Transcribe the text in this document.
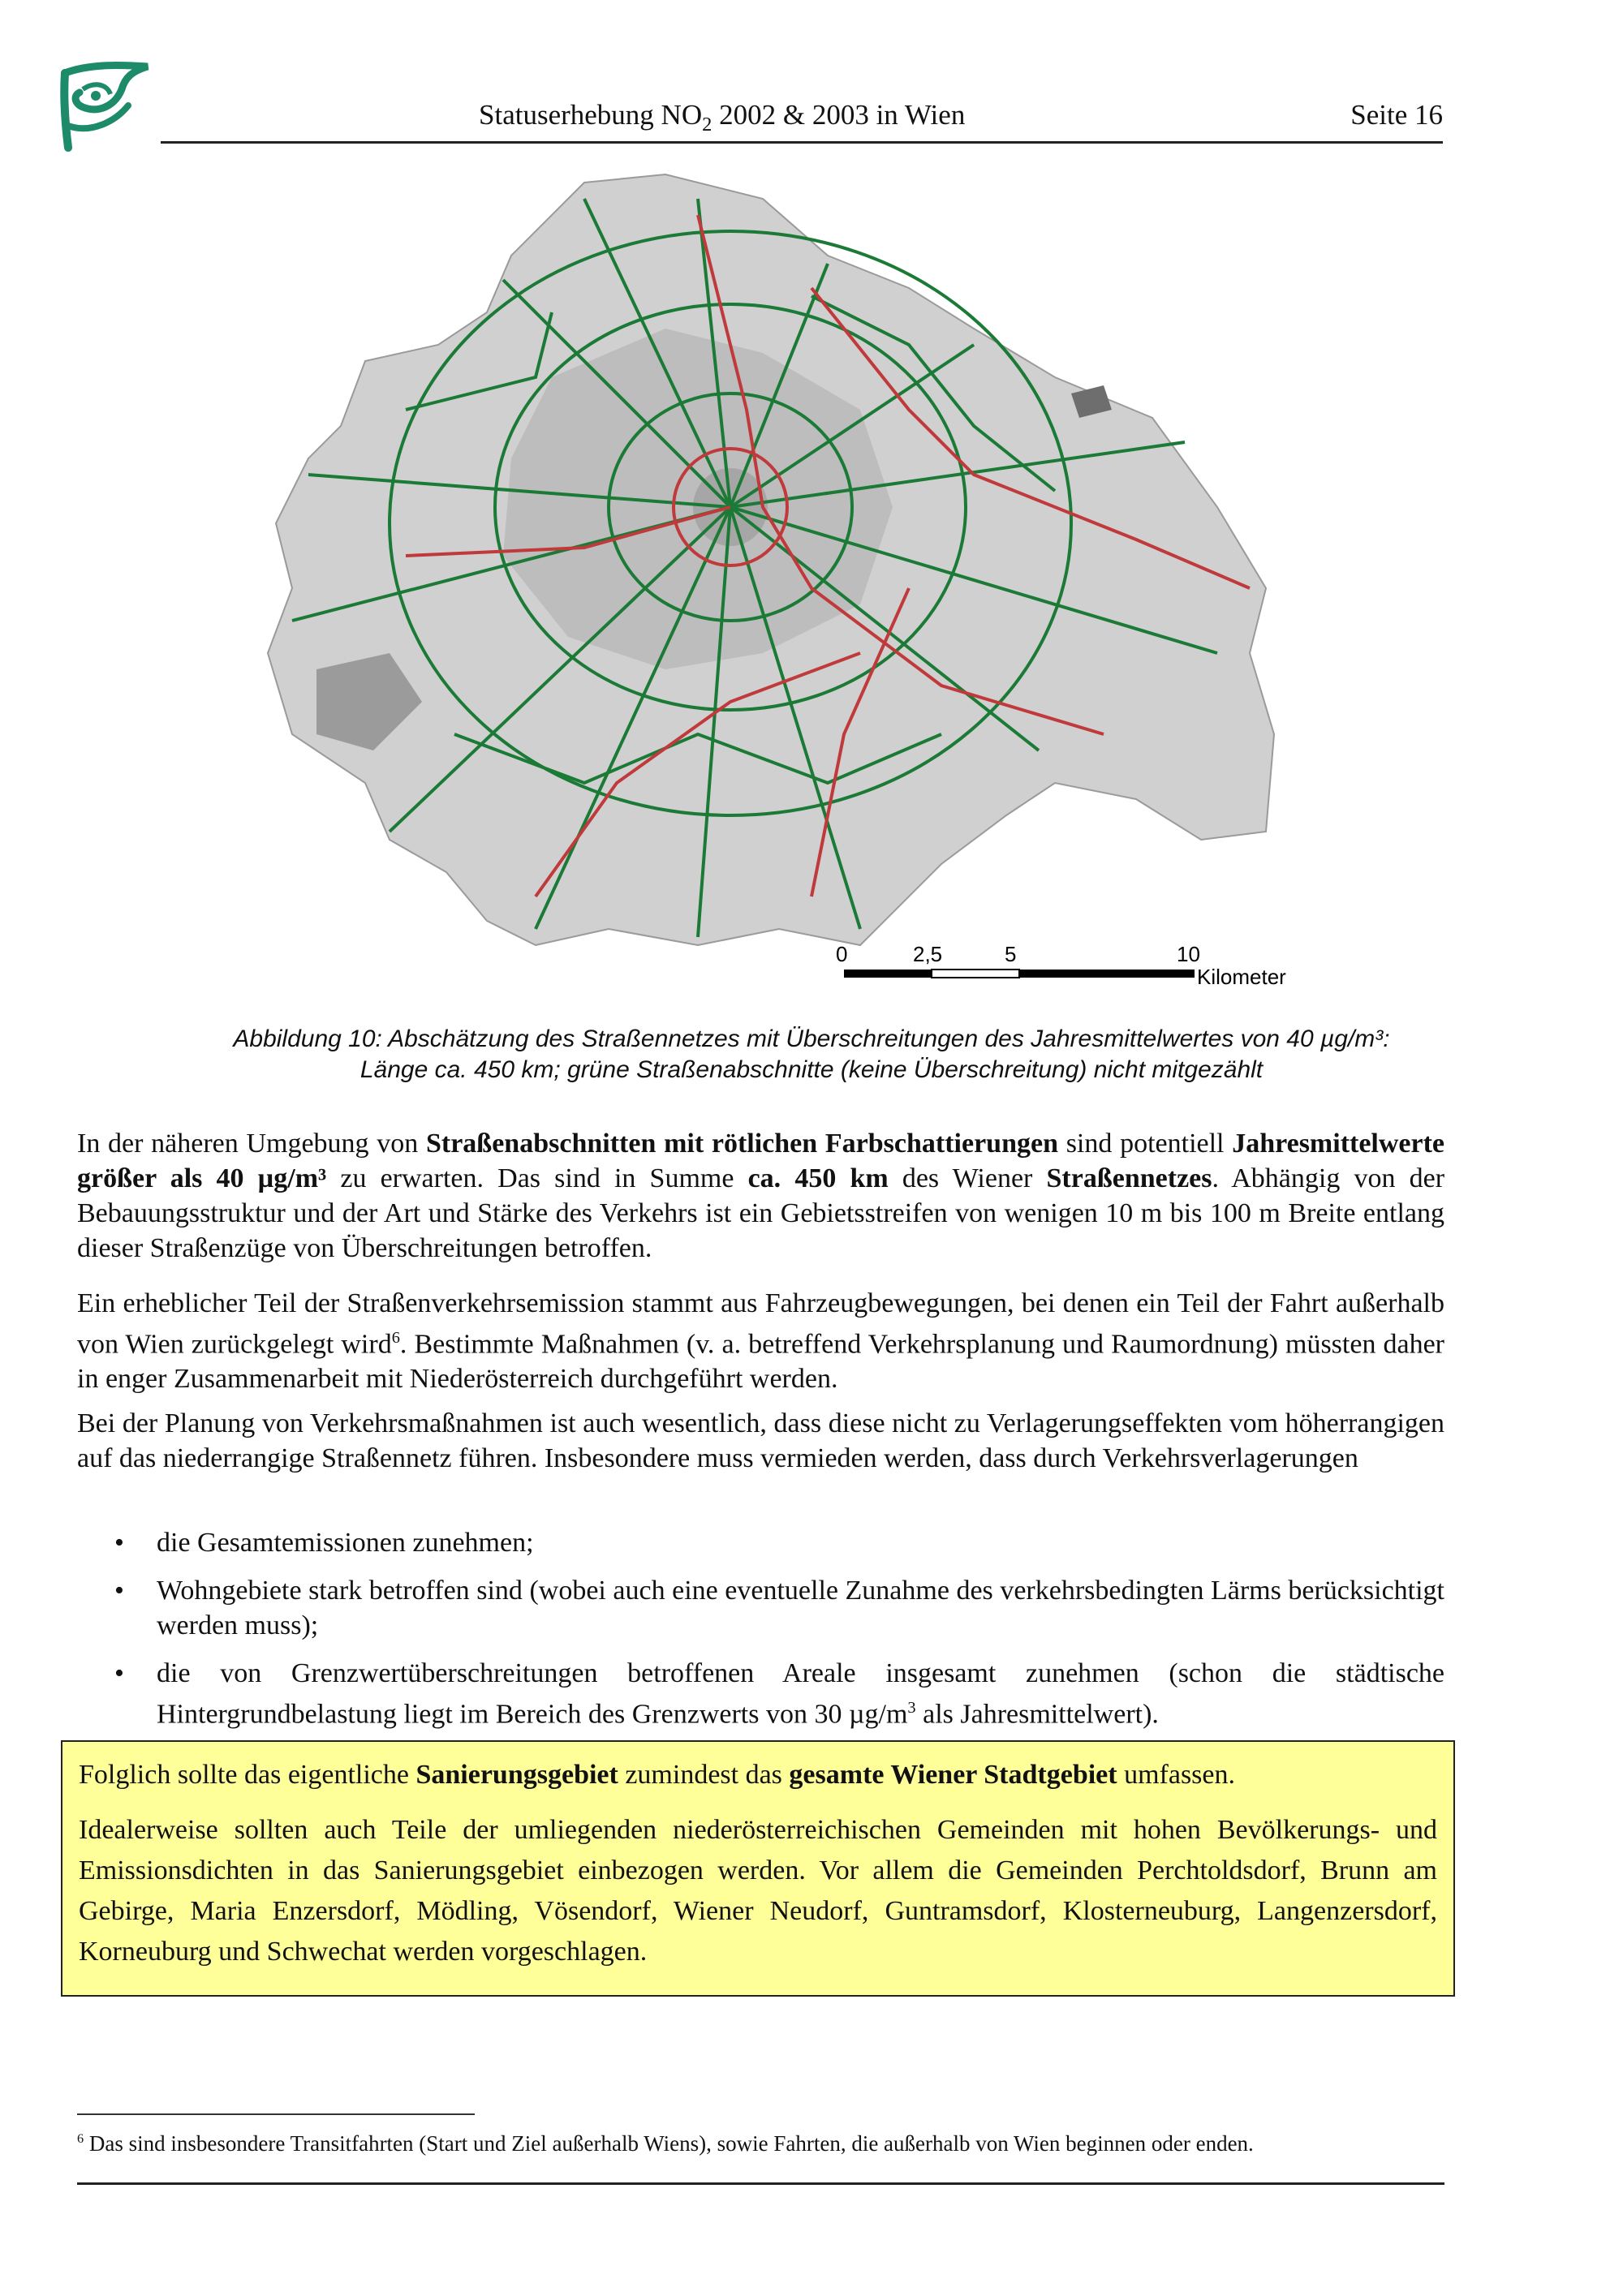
Statuserhebung $NO_2$ 2002 & 2003 in Wien	Seite 16
0	2,5	5	10
Kilometer
Abbildung 10: Abschätzung des Straßennetzes mit Überschreitungen des Jahresmittelwertes von 40 µg/m³:
Länge ca. 450 km; grüne Straßenabschnitte (keine Überschreitung) nicht mitgezählt
In der näheren Umgebung von Straßenabschnitten mit rötlichen Farbschattierungen sind potentiell Jahresmittelwerte größer als 40 µg/m³ zu erwarten. Das sind in Summe ca. 450 km des Wiener Straßennetzes. Abhängig von der Bebauungsstruktur und der Art und Stärke des Verkehrs ist ein Gebietsstreifen von wenigen 10 m bis 100 m Breite entlang dieser Straßenzüge von Überschreitungen betroffen.
Ein erheblicher Teil der Straßenverkehrsemission stammt aus Fahrzeugbewegungen, bei denen ein Teil der Fahrt außerhalb von Wien zurückgelegt wird$^6$. Bestimmte Maßnahmen (v. a. betreffend Verkehrsplanung und Raumordnung) müssten daher in enger Zusammenarbeit mit Niederösterreich durchgeführt werden.
Bei der Planung von Verkehrsmaßnahmen ist auch wesentlich, dass diese nicht zu Verlagerungseffekten vom höherrangigen auf das niederrangige Straßennetz führen. Insbesondere muss vermieden werden, dass durch Verkehrsverlagerungen
• die Gesamtemissionen zunehmen;
• Wohngebiete stark betroffen sind (wobei auch eine eventuelle Zunahme des verkehrsbedingten Lärms berücksichtigt werden muss);
• die von Grenzwertüberschreitungen betroffenen Areale insgesamt zunehmen (schon die städtische Hintergrundbelastung liegt im Bereich des Grenzwerts von 30 $\mu g/m^3$ als Jahresmittelwert).

Folglich sollte das eigentliche Sanierungsgebiet zumindest das gesamte Wiener Stadtgebiet umfassen.

Idealerweise sollten auch Teile der umliegenden niederösterreichischen Gemeinden mit hohen Bevölkerungs- und Emissionsdichten in das Sanierungsgebiet einbezogen werden. Vor allem die Gemeinden Perchtoldsdorf, Brunn am Gebirge, Maria Enzersdorf, Mödling, Vösendorf, Wiener Neudorf, Guntramsdorf, Klosterneuburg, Langenzersdorf, Korneuburg und Schwechat werden vorgeschlagen.

$^6$ Das sind insbesondere Transitfahrten (Start und Ziel außerhalb Wiens), sowie Fahrten, die außerhalb von Wien beginnen oder enden.
